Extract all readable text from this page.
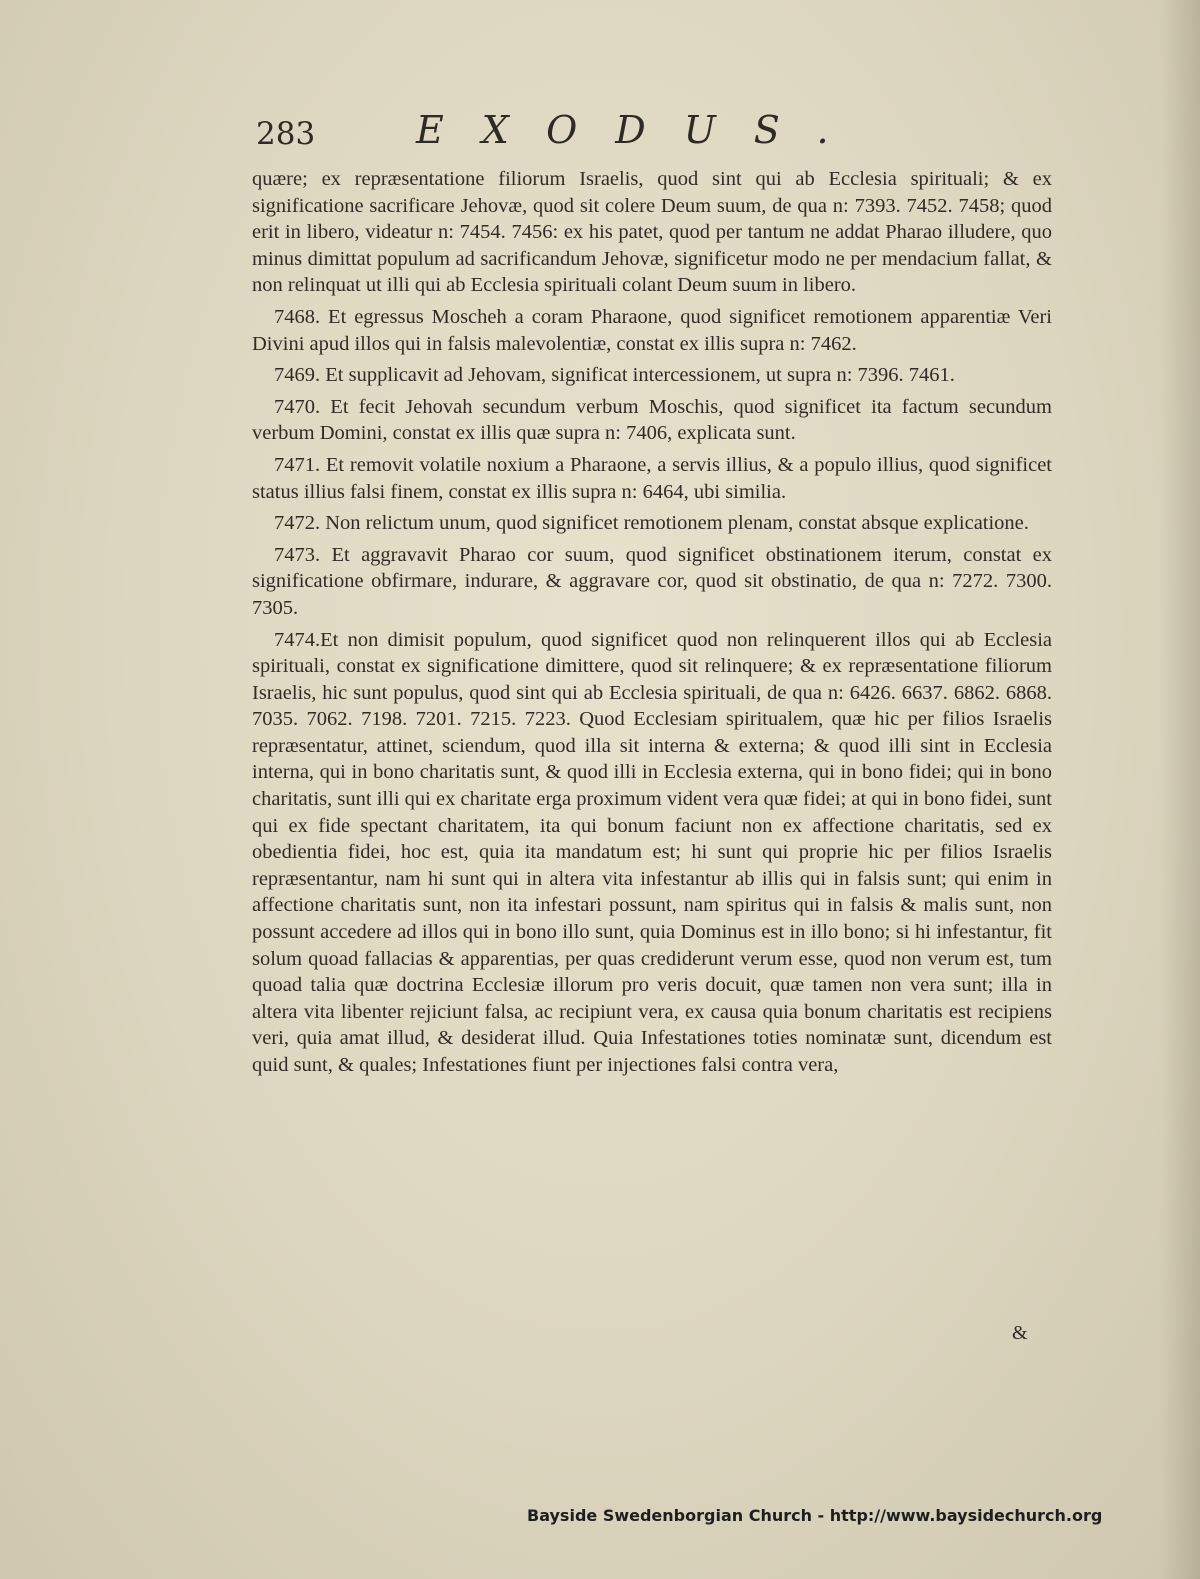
283	EXODUS.

quære; ex repræsentatione filiorum Israelis, quod sint qui ab Ecclesia spirituali; & ex significatione sacrificare Jehovæ, quod sit colere Deum suum, de qua n: 7393. 7452. 7458; quod erit in libero, videatur n: 7454. 7456: ex his patet, quod per tantum ne addat Pharao illudere, quo minus dimittat populum ad sacrificandum Jehovæ, significetur modo ne per mendacium fallat, & non relinquat ut illi qui ab Ecclesia spirituali colant Deum suum in libero.

7468. Et egressus Moscheh a coram Pharaone, quod significet remotionem apparentiæ Veri Divini apud illos qui in falsis malevolentiæ, constat ex illis supra n: 7462.

7469. Et supplicavit ad Jehovam, significat intercessionem, ut supra n: 7396. 7461.

7470. Et fecit Jehovah secundum verbum Moschis, quod significet ita factum secundum verbum Domini, constat ex illis quæ supra n: 7406, explicata sunt.

7471. Et removit volatile noxium a Pharaone, a servis illius, & a populo illius, quod significet status illius falsi finem, constat ex illis supra n: 6464, ubi similia.

7472. Non relictum unum, quod significet remotionem plenam, constat absque explicatione.

7473. Et aggravavit Pharao cor suum, quod significet obstinationem iterum, constat ex significatione obfirmare, indurare, & aggravare cor, quod sit obstinatio, de qua n: 7272. 7300. 7305.

7474.Et non dimisit populum, quod significet quod non relinquerent illos qui ab Ecclesia spirituali, constat ex significatione dimittere, quod sit relinquere; & ex repræsentatione filiorum Israelis, hic sunt populus, quod sint qui ab Ecclesia spirituali, de qua n: 6426. 6637. 6862. 6868. 7035. 7062. 7198. 7201. 7215. 7223. Quod Ecclesiam spiritualem, quæ hic per filios Israelis repræsentatur, attinet, sciendum, quod illa sit interna & externa; & quod illi sint in Ecclesia interna, qui in bono charitatis sunt, & quod illi in Ecclesia externa, qui in bono fidei; qui in bono charitatis, sunt illi qui ex charitate erga proximum vident vera quæ fidei; at qui in bono fidei, sunt qui ex fide spectant charitatem, ita qui bonum faciunt non ex affectione charitatis, sed ex obedientia fidei, hoc est, quia ita mandatum est; hi sunt qui proprie hic per filios Israelis repræsentantur, nam hi sunt qui in altera vita infestantur ab illis qui in falsis sunt; qui enim in affectione charitatis sunt, non ita infestari possunt, nam spiritus qui in falsis & malis sunt, non possunt accedere ad illos qui in bono illo sunt, quia Dominus est in illo bono; si hi infestantur, fit solum quoad fallacias & apparentias, per quas crediderunt verum esse, quod non verum est, tum quoad talia quæ doctrina Ecclesiæ illorum pro veris docuit, quæ tamen non vera sunt; illa in altera vita libenter rejiciunt falsa, ac recipiunt vera, ex causa quia bonum charitatis est recipiens veri, quia amat illud, & desiderat illud. Quia Infestationes toties nominatæ sunt, dicendum est quid sunt, & quales; Infestationes fiunt per injectiones falsi contra vera,

&
Bayside Swedenborgian Church - http://www.baysidechurch.org
